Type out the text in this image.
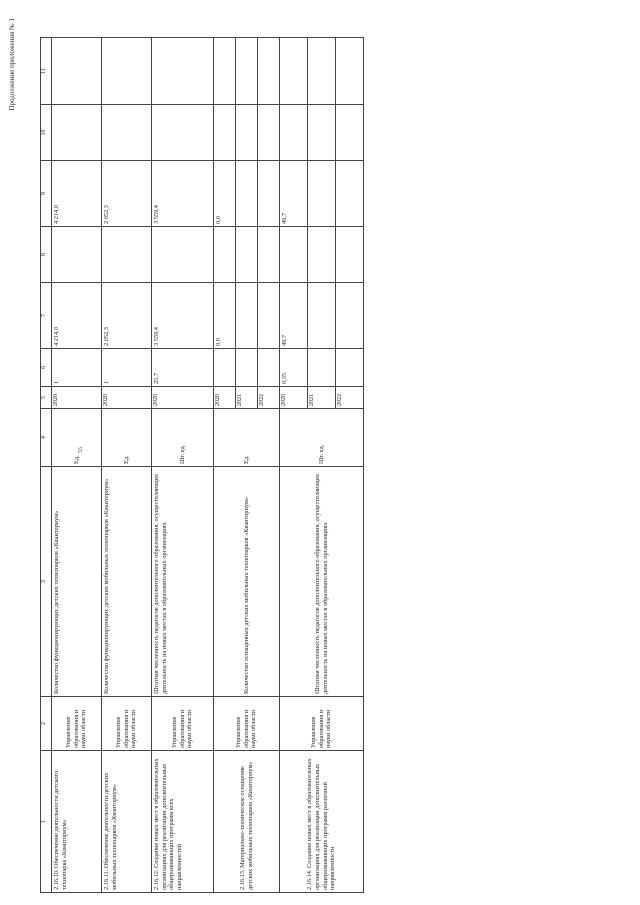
Продолжение приложения № 1
55
1	2	3	4	5	6	7	8	9	10	11
2.16.10. Обеспечение деятельности детского технопарка «Кванториум»	Управление образования и науки области	Количество функционирующих детских технопарков «Кванториум»	Ед.	2020	1	4 214,0		4 214,0		
2.16.11. Обеспечение деятельности детских мобильных технопарков «Кванториум»	Управление образования и науки области	Количество функционирующих детских мобильных технопарков «Кванториум»	Ед.	2020	1	2 052,3		2 052,3		
2.16.12. Создание новых мест в образовательных организациях для реализации дополнительных общеразвивающих программ всех направленностей	Управление образования и науки области	Штатная численность педагогов дополнительного образования, осуществляющих деятельность на новых местах в образовательных организациях	Шт. ед.	2020	25,7	3 559,4		3 559,4		
2.16.13. Материально-техническое оснащение детских мобильных технопарков «Кванториум»	Управление образования и науки области	Количество оснащенных детских мобильных технопарков «Кванториум»	Ед.	2020		0,0		0,0		
				2021						
				2022						
2.16.14. Создание новых мест в образовательных организациях для реализации дополнительных общеразвивающих программ различной направленности	Управление образования и науки области	Штатная численность педагогов дополнительного образования, осуществляющих деятельность на новых местах в образовательных организациях	Шт. ед.	2020	0,35	49,7		49,7		
				2021						
				2022						
